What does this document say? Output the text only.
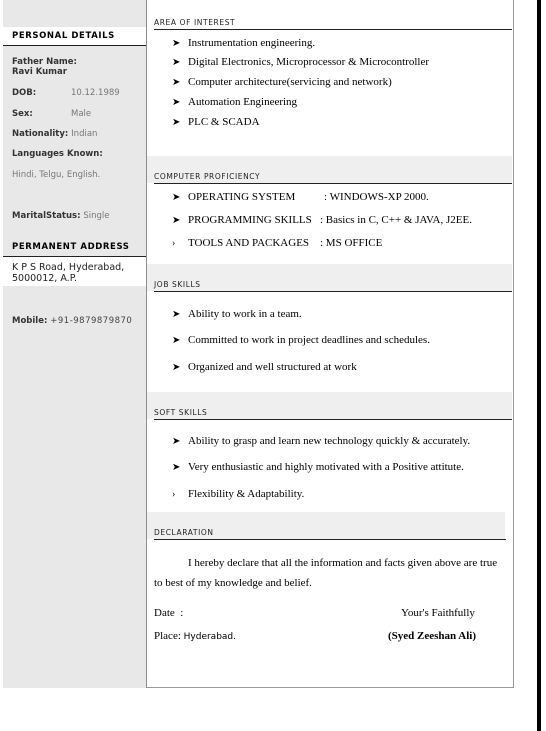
PERSONAL DETAILS
Father Name:
Ravi Kumar
DOB:	10.12.1989
Sex:	Male
Nationality: Indian
Languages Known:
Hindi, Telgu, English.
MaritalStatus: Single
PERMANENT ADDRESS
K P S Road, Hyderabad,
5000012, A.P.
Mobile: +91-9879879870
AREA OF INTEREST
➤ Instrumentation engineering.
➤ Digital Electronics, Microprocessor & Microcontroller
➤ Computer architecture(servicing and network)
➤ Automation Engineering
➤ PLC & SCADA
COMPUTER PROFICIENCY
➤ OPERATING SYSTEM	: WINDOWS-XP 2000.
➤ PROGRAMMING SKILLS : Basics in C, C++ & JAVA, J2EE.
› TOOLS AND PACKAGES : MS OFFICE
JOB SKILLS
➤ Ability to work in a team.
➤ Committed to work in project deadlines and schedules.
➤ Organized and well structured at work
SOFT SKILLS
➤ Ability to grasp and learn new technology quickly & accurately.
➤ Very enthusiastic and highly motivated with a Positive attitute.
› Flexibility & Adaptability.
DECLARATION
I hereby declare that all the information and facts given above are true to best of my knowledge and belief.
Date  :	Your's Faithfully
Place: Hyderabad.	(Syed Zeeshan Ali)
